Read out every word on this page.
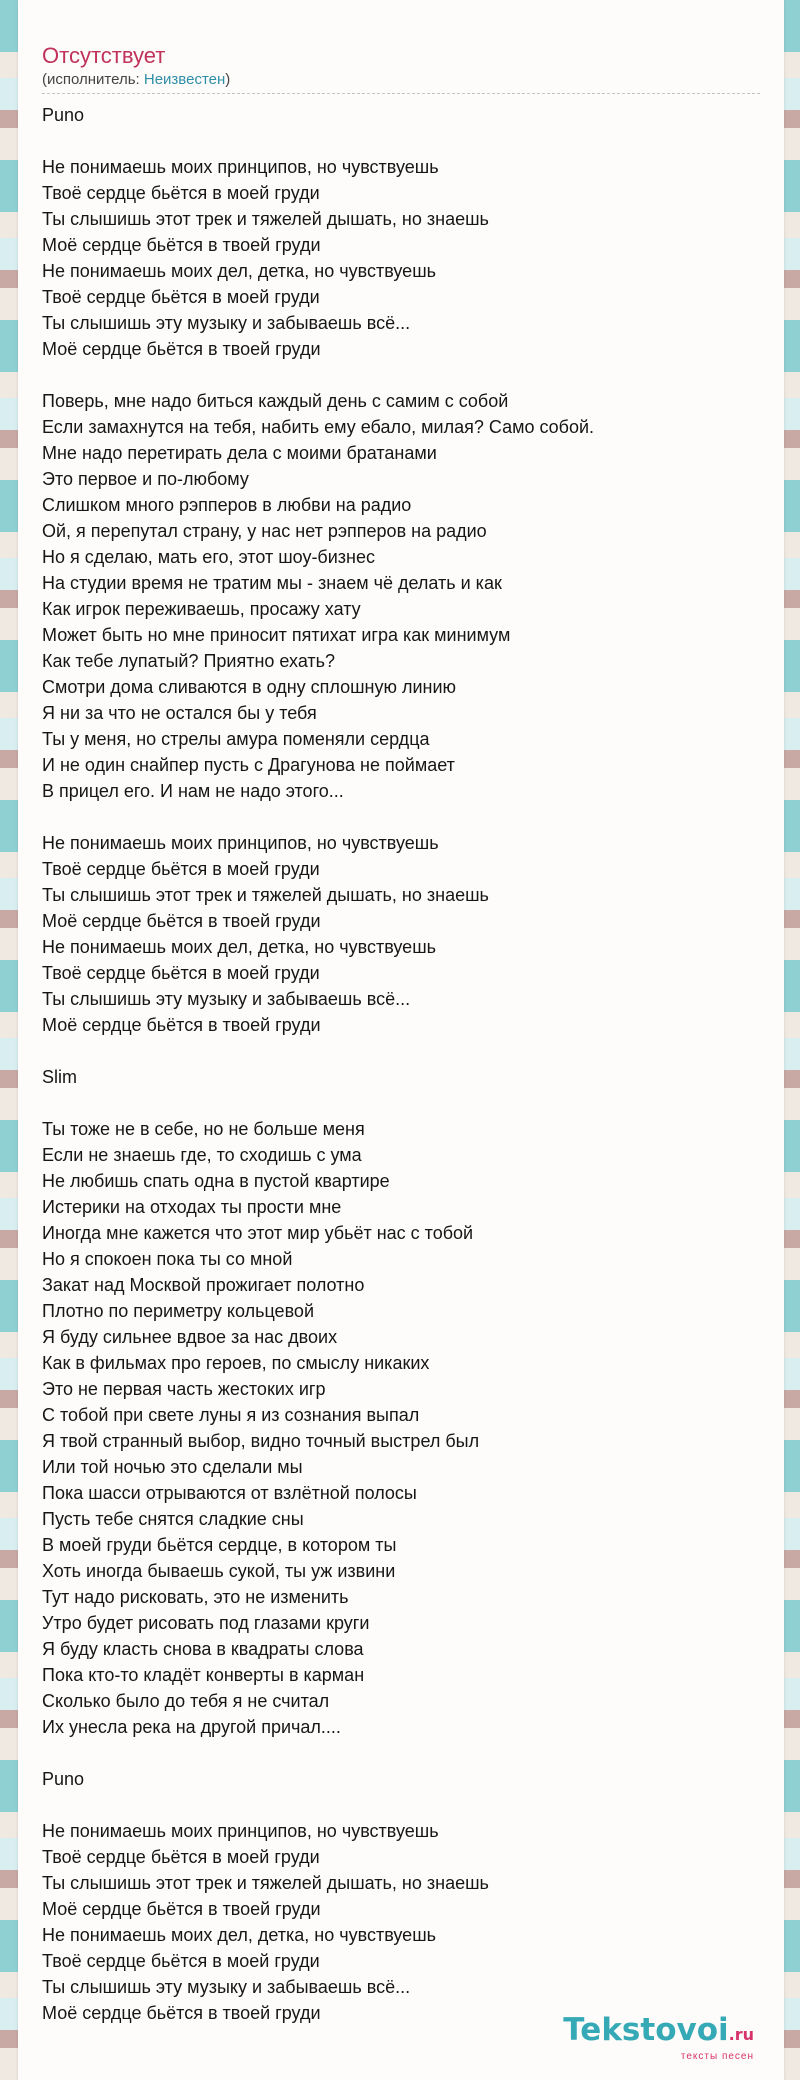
Отсутствует
(исполнитель: Неизвестен)
Puno
Не понимаешь моих принципов, но чувствуешь
Твоё сердце бьётся в моей груди
Ты слышишь этот трек и тяжелей дышать, но знаешь
Моё сердце бьётся в твоей груди
Не понимаешь моих дел, детка, но чувствуешь
Твоё сердце бьётся в моей груди
Ты слышишь эту музыку и забываешь всё...
Моё сердце бьётся в твоей груди
Поверь, мне надо биться каждый день с самим с собой
Если замахнутся на тебя, набить ему ебало, милая? Само собой.
Мне надо перетирать дела с моими братанами
Это первое и по-любому
Слишком много рэпперов в любви на радио
Ой, я перепутал страну, у нас нет рэпперов на радио
Но я сделаю, мать его, этот шоу-бизнес
На студии время не тратим мы - знаем чё делать и как
Как игрок переживаешь, просажу хату
Может быть но мне приносит пятихат игра как минимум
Как тебе лупатый? Приятно ехать?
Смотри дома сливаются в одну сплошную линию
Я ни за что не остался бы у тебя
Ты у меня, но стрелы амура поменяли сердца
И не один снайпер пусть с Драгунова не поймает
В прицел его. И нам не надо этого...
Не понимаешь моих принципов, но чувствуешь
Твоё сердце бьётся в моей груди
Ты слышишь этот трек и тяжелей дышать, но знаешь
Моё сердце бьётся в твоей груди
Не понимаешь моих дел, детка, но чувствуешь
Твоё сердце бьётся в моей груди
Ты слышишь эту музыку и забываешь всё...
Моё сердце бьётся в твоей груди
Slim
Ты тоже не в себе, но не больше меня
Если не знаешь где, то сходишь с ума
Не любишь спать одна в пустой квартире
Истерики на отходах ты прости мне
Иногда мне кажется что этот мир убьёт нас с тобой
Но я спокоен пока ты со мной
Закат над Москвой прожигает полотно
Плотно по периметру кольцевой
Я буду сильнее вдвое за нас двоих
Как в фильмах про героев, по смыслу никаких
Это не первая часть жестоких игр
С тобой при свете луны я из сознания выпал
Я твой странный выбор, видно точный выстрел был
Или той ночью это сделали мы
Пока шасси отрываются от взлётной полосы
Пусть тебе снятся сладкие сны
В моей груди бьётся сердце, в котором ты
Хоть иногда бываешь сукой, ты уж извини
Тут надо рисковать, это не изменить
Утро будет рисовать под глазами круги
Я буду класть снова в квадраты слова
Пока кто-то кладёт конверты в карман
Сколько было до тебя я не считал
Их унесла река на другой причал....
Puno
Не понимаешь моих принципов, но чувствуешь
Твоё сердце бьётся в моей груди
Ты слышишь этот трек и тяжелей дышать, но знаешь
Моё сердце бьётся в твоей груди
Не понимаешь моих дел, детка, но чувствуешь
Твоё сердце бьётся в моей груди
Ты слышишь эту музыку и забываешь всё...
Моё сердце бьётся в твоей груди	Tekstovoi.ru
тексты песен
